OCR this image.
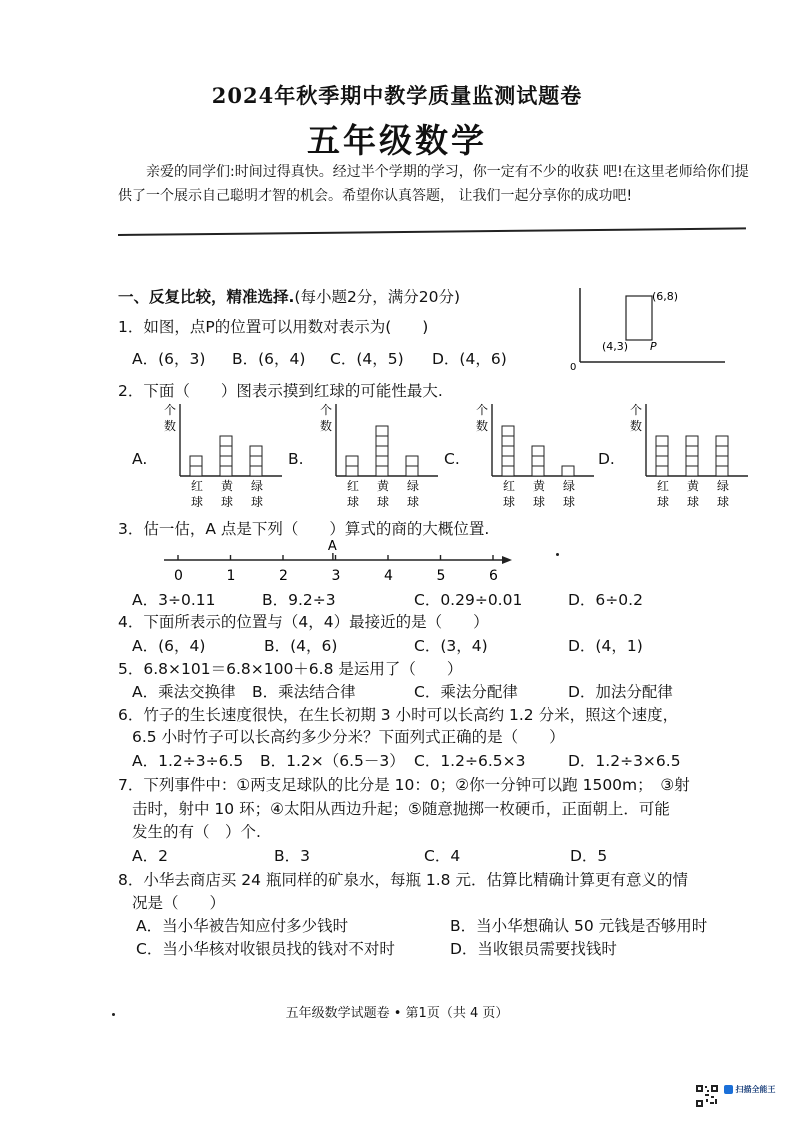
2024年秋季期中教学质量监测试题卷
五年级数学
亲爱的同学们:时间过得真快。经过半个学期的学习，你一定有不少的收获 吧!在这里老师给你们提供了一个展示自己聪明才智的机会。希望你认真答题， 让我们一起分享你的成功吧!
一、反复比较，精准选择.(每小题2分，满分20分)	(6,8)
(4,3) P
0
1．如图，点P的位置可以用数对表示为(　　)
A．(6，3) B．(6，4) C．(4，5) D．(4，6)
2．下面（　　）图表示摸到红球的可能性最大.
A.
个
数
红
球
黄
球
绿
球
B.
个
数
红
球
黄
球
绿
球
C.
个
数
红
球
黄
球
绿
球
D.
个
数
红
球
黄
球
绿
球
3．估一估，A 点是下列（　　）算式的商的大概位置.
0	1	2	3	4	5	6
A
A．3÷0.11	B．9.2÷3	C．0.29÷0.01	D．6÷0.2
4．下面所表示的位置与（4，4）最接近的是（　　）
A．(6，4)	B．(4，6)	C．(3，4)	D．(4，1)
5．6.8×101＝6.8×100＋6.8 是运用了（　　）
A．乘法交换律 B．乘法结合律	C．乘法分配律	D．加法分配律
6．竹子的生长速度很快，在生长初期 3 小时可以长高约 1.2 分米，照这个速度，
6.5 小时竹子可以长高约多少分米？下面列式正确的是（　　）
A．1.2÷3÷6.5 B．1.2×（6.5－3） C．1.2÷6.5×3	D．1.2÷3×6.5
7．下列事件中：①两支足球队的比分是 10：0；②你一分钟可以跑 1500m；　③射
击时，射中 10 环；④太阳从西边升起；⑤随意抛掷一枚硬币，正面朝上．可能
发生的有（　）个.
A．2	B．3	C．4	D．5
8．小华去商店买 24 瓶同样的矿泉水，每瓶 1.8 元．估算比精确计算更有意义的情
况是（　　）
A．当小华被告知应付多少钱时	B．当小华想确认 50 元钱是否够用时
C．当小华核对收银员找的钱对不对时	D．当收银员需要找钱时
五年级数学试题卷 • 第1页（共 4 页）
扫描全能王
